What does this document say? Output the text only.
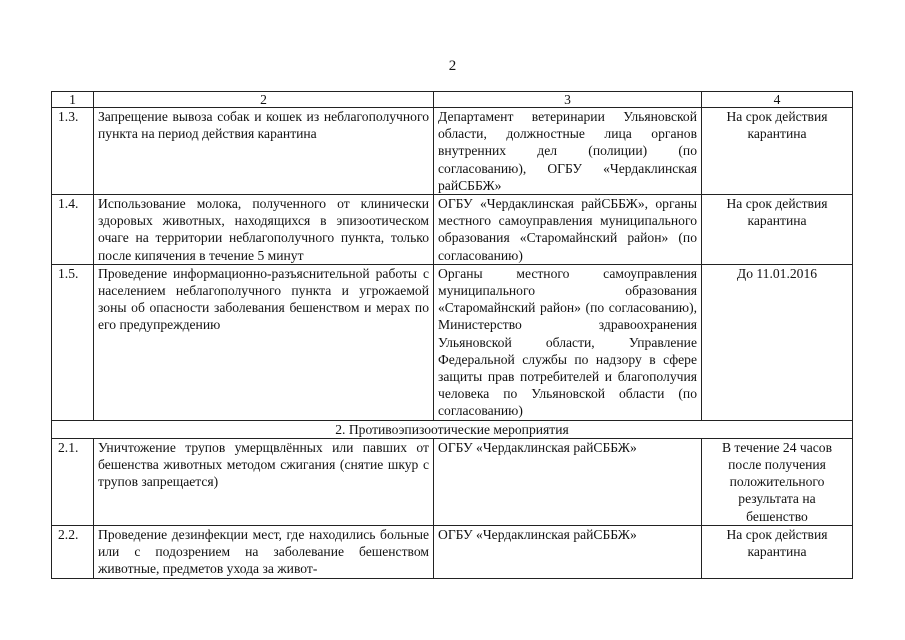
2
1	2	3	4
1.3.	Запрещение вывоза собак и кошек из неблагополучного пункта на период действия карантина	Департамент ветеринарии Ульяновской области, должностные лица органов внутренних дел (полиции) (по согласованию), ОГБУ «Чердаклинская райСББЖ»	На срок действия карантина
1.4.	Использование молока, полученного от клинически здоровых животных, находящихся в эпизоотическом очаге на территории неблагополучного пункта, только после кипячения в течение 5 минут	ОГБУ «Чердаклинская райСББЖ», органы местного самоуправления муниципального образования «Старомайнский район» (по согласованию)	На срок действия карантина
1.5.	Проведение информационно-разъяснительной работы с населением неблагополучного пункта и угрожаемой зоны об опасности заболевания бешенством и мерах по его предупреждению	Органы местного самоуправления муниципального образования «Старомайнский район» (по согласованию), Министерство здравоохранения Ульяновской области, Управление Федеральной службы по надзору в сфере защиты прав потребителей и благополучия человека по Ульяновской области (по согласованию)	До 11.01.2016
2. Противоэпизоотические мероприятия			
2.1.	Уничтожение трупов умерщвлённых или павших от бешенства животных методом сжигания (снятие шкур с трупов запрещается)	ОГБУ «Чердаклинская райСББЖ»	В течение 24 часов после получения положительного результата на бешенство
2.2.	Проведение дезинфекции мест, где находились больные или с подозрением на заболевание бешенством животные, предметов ухода за живот-	ОГБУ «Чердаклинская райСББЖ»	На срок действия карантина
